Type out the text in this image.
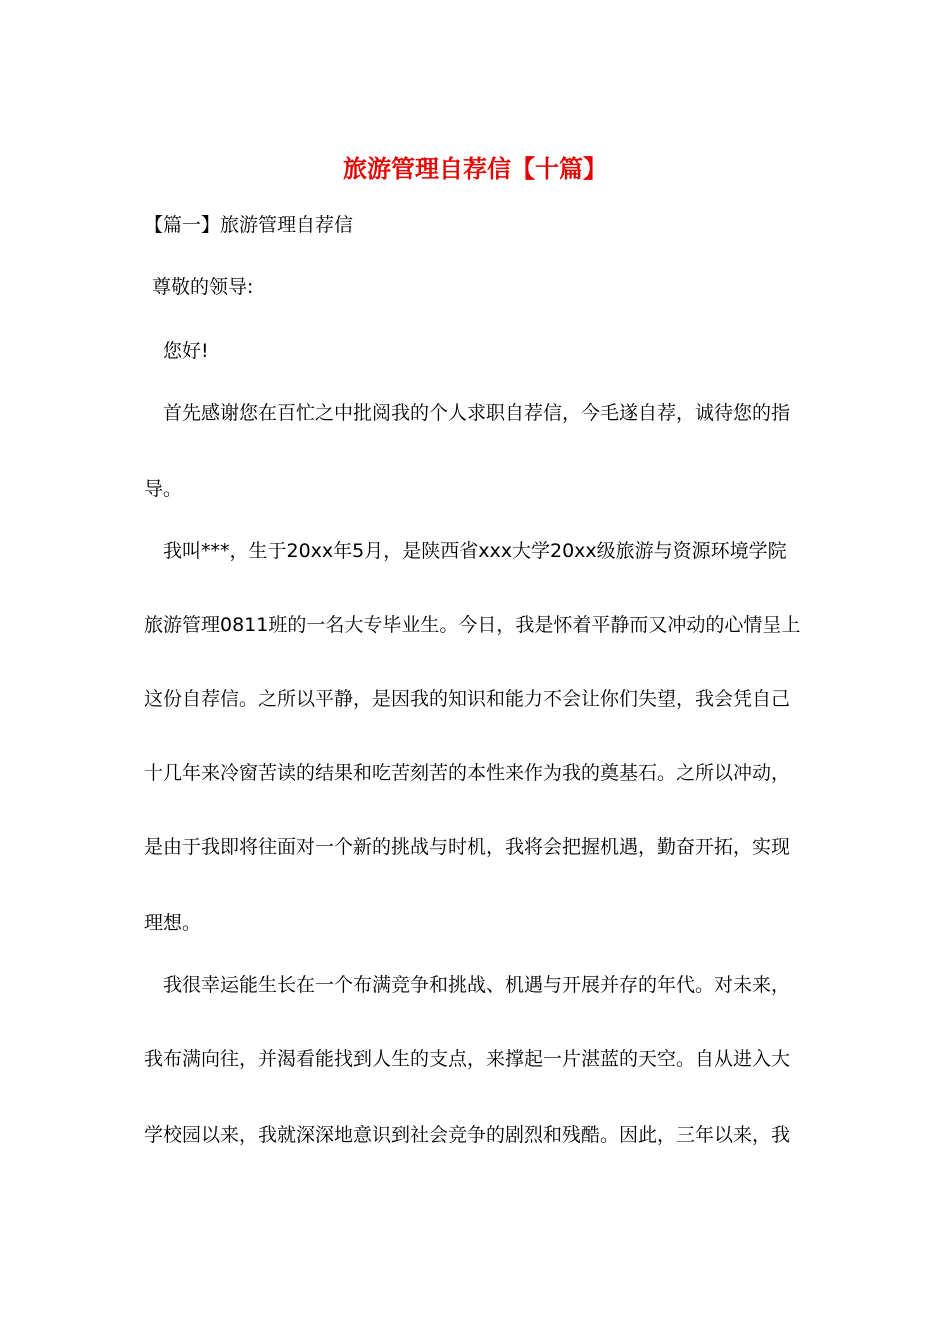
旅游管理自荐信【十篇】
【篇一】旅游管理自荐信
尊敬的领导:
您好!
首先感谢您在百忙之中批阅我的个人求职自荐信，今毛遂自荐，诚待您的指
导。
我叫***，生于20xx年5月，是陕西省xxx大学20xx级旅游与资源环境学院
旅游管理0811班的一名大专毕业生。今日，我是怀着平静而又冲动的心情呈上
这份自荐信。之所以平静，是因我的知识和能力不会让你们失望，我会凭自己
十几年来冷窗苦读的结果和吃苦刻苦的本性来作为我的奠基石。之所以冲动，
是由于我即将往面对一个新的挑战与时机，我将会把握机遇，勤奋开拓，实现
理想。
我很幸运能生长在一个布满竞争和挑战、机遇与开展并存的年代。对未来，
我布满向往，并渴看能找到人生的支点，来撑起一片湛蓝的天空。自从进入大
学校园以来，我就深深地意识到社会竞争的剧烈和残酷。因此，三年以来，我
